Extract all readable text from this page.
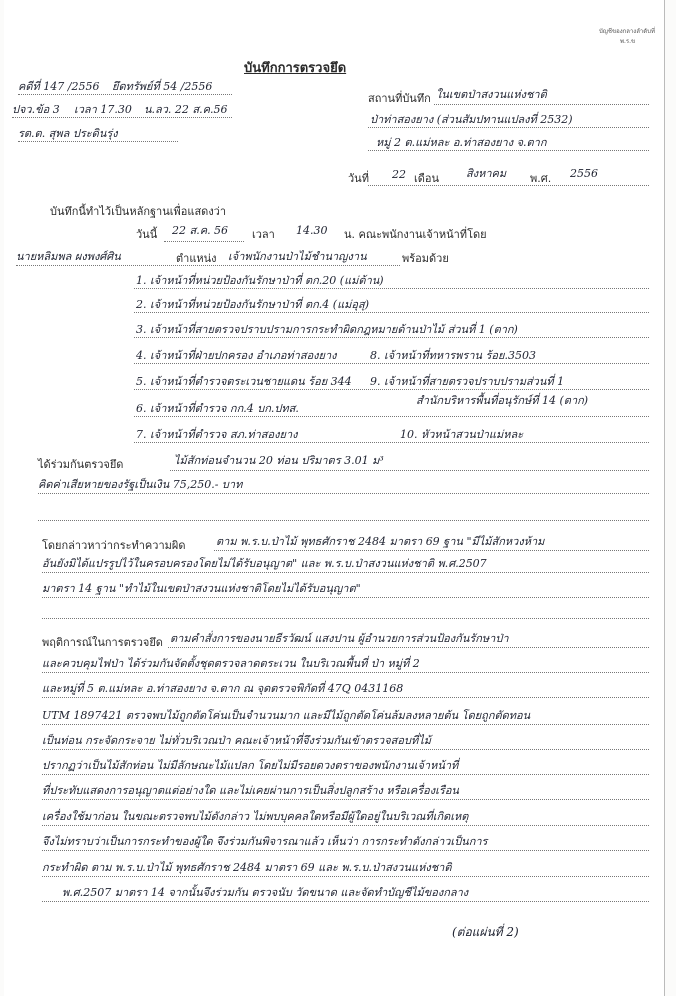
บัญชีของกลางลำดับที่
พ.ร.ข
บันทึกการตรวจยึด
คดีที่ 147 /2556 ยึดทรัพย์ที่ 54 /2556
ปจว.ข้อ 3 เวลา 17.30 น.ลว. 22 ส.ค.56
รต.ต. สุพล ประดินรุ่ง
สถานที่บันทึก ในเขตป่าสงวนแห่งชาติ
ป่าท่าสองยาง (ส่วนสัมปทานแปลงที่ 2532)
หมู่ 2 ต.แม่หละ อ.ท่าสองยาง จ.ตาก
วันที่ 22 เดือน สิงหาคม พ.ศ. 2556
บันทึกนี้ทำไว้เป็นหลักฐานเพื่อแสดงว่า
วันนี้ 22 ส.ค. 56 เวลา 14.30 น. คณะพนักงานเจ้าหน้าที่โดย
นายหลิมพล ผงพงศ์ศิน	ตำแหน่ง เจ้าพนักงานป่าไม้ชำนาญงาน	พร้อมด้วย
1. เจ้าหน้าที่หน่วยป้องกันรักษาป่าที่ ตก.20 (แม่ต้าน)
2. เจ้าหน้าที่หน่วยป้องกันรักษาป่าที่ ตก.4 (แม่อุสุ)
3. เจ้าหน้าที่สายตรวจปราบปรามการกระทำผิดกฎหมายด้านป่าไม้ ส่วนที่ 1 (ตาก)
4. เจ้าหน้าที่ฝ่ายปกครอง อำเภอท่าสองยาง	8. เจ้าหน้าที่ทหารพราน ร้อย.3503
5. เจ้าหน้าที่ตำรวจตระเวนชายแดน ร้อย 344 9. เจ้าหน้าที่สายตรวจปราบปรามส่วนที่ 1
สำนักบริหารพื้นที่อนุรักษ์ที่ 14 (ตาก)
6. เจ้าหน้าที่ตำรวจ กก.4 บก.ปทส.
7. เจ้าหน้าที่ตำรวจ สภ.ท่าสองยาง	10. หัวหน้าสวนป่าแม่หละ
ได้ร่วมกันตรวจยึด	ไม้สักท่อนจำนวน 20 ท่อน ปริมาตร 3.01 ม³
คิดค่าเสียหายของรัฐเป็นเงิน 75,250.- บาท
โดยกล่าวหาว่ากระทำความผิด	ตาม พ.ร.บ.ป่าไม้ พุทธศักราช 2484 มาตรา 69 ฐาน "มีไม้สักหวงห้าม
อันยังมิได้แปรรูปไว้ในครอบครองโดยไม่ได้รับอนุญาต" และ พ.ร.บ.ป่าสงวนแห่งชาติ พ.ศ.2507
มาตรา 14 ฐาน "ทำไม้ในเขตป่าสงวนแห่งชาติโดยไม่ได้รับอนุญาต"
พฤติการณ์ในการตรวจยึด ตามคำสั่งการของนายธีรวัฒน์ แสงปาน ผู้อำนวยการส่วนป้องกันรักษาป่า
และควบคุมไฟป่า ได้ร่วมกันจัดตั้งชุดตรวจลาดตระเวน ในบริเวณพื้นที่ ป่า หมู่ที่ 2
และหมู่ที่ 5 ต.แม่หละ อ.ท่าสองยาง จ.ตาก ณ จุดตรวจพิกัดที่ 47Q 0431168
UTM 1897421 ตรวจพบไม้ถูกตัดโค่นเป็นจำนวนมาก และมีไม้ถูกตัดโค่นล้มลงหลายต้น โดยถูกตัดทอน
เป็นท่อน กระจัดกระจาย ไม่ทั่วบริเวณป่า คณะเจ้าหน้าที่จึงร่วมกันเข้าตรวจสอบที่ไม้
ปรากฏว่าเป็นไม้สักท่อน ไม่มีลักษณะไม้แปลก โดยไม่มีรอยดวงตราของพนักงานเจ้าหน้าที่
ที่ประทับแสดงการอนุญาตแต่อย่างใด และไม่เคยผ่านการเป็นสิ่งปลูกสร้าง หรือเครื่องเรือน
เครื่องใช้มาก่อน ในขณะตรวจพบไม้ดังกล่าว ไม่พบบุคคลใดหรือมีผู้ใดอยู่ในบริเวณที่เกิดเหตุ
จึงไม่ทราบว่าเป็นการกระทำของผู้ใด จึงร่วมกันพิจารณาแล้ว เห็นว่า การกระทำดังกล่าวเป็นการ
กระทำผิด ตาม พ.ร.บ.ป่าไม้ พุทธศักราช 2484 มาตรา 69 และ พ.ร.บ.ป่าสงวนแห่งชาติ
พ.ศ.2507 มาตรา 14 จากนั้นจึงร่วมกัน ตรวจนับ วัดขนาด และจัดทำบัญชีไม้ของกลาง
(ต่อแผ่นที่ 2)
